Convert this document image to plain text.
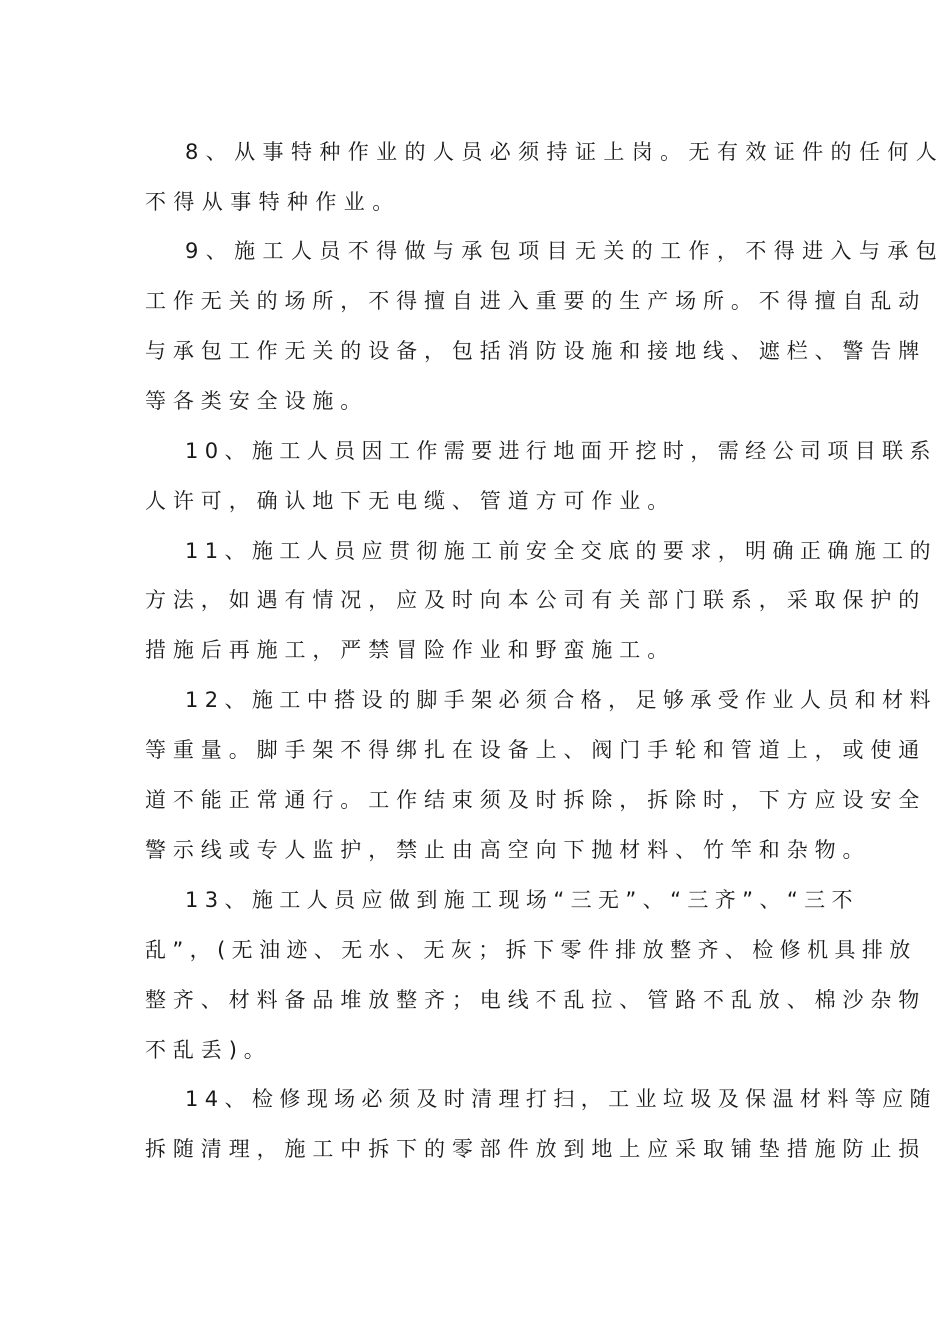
8、从事特种作业的人员必须持证上岗。无有效证件的任何人

不得从事特种作业。

9、施工人员不得做与承包项目无关的工作，不得进入与承包

工作无关的场所，不得擅自进入重要的生产场所。不得擅自乱动

与承包工作无关的设备，包括消防设施和接地线、遮栏、警告牌

等各类安全设施。

10、施工人员因工作需要进行地面开挖时，需经公司项目联系

人许可，确认地下无电缆、管道方可作业。

11、施工人员应贯彻施工前安全交底的要求，明确正确施工的

方法，如遇有情况，应及时向本公司有关部门联系，采取保护的

措施后再施工，严禁冒险作业和野蛮施工。

12、施工中搭设的脚手架必须合格，足够承受作业人员和材料

等重量。脚手架不得绑扎在设备上、阀门手轮和管道上，或使通

道不能正常通行。工作结束须及时拆除，拆除时，下方应设安全

警示线或专人监护，禁止由高空向下抛材料、竹竿和杂物。

13、施工人员应做到施工现场“三无”、“三齐”、“三不

乱”，(无油迹、无水、无灰；拆下零件排放整齐、检修机具排放

整齐、材料备品堆放整齐；电线不乱拉、管路不乱放、棉沙杂物

不乱丢)。

14、检修现场必须及时清理打扫，工业垃圾及保温材料等应随

拆随清理，施工中拆下的零部件放到地上应采取铺垫措施防止损
